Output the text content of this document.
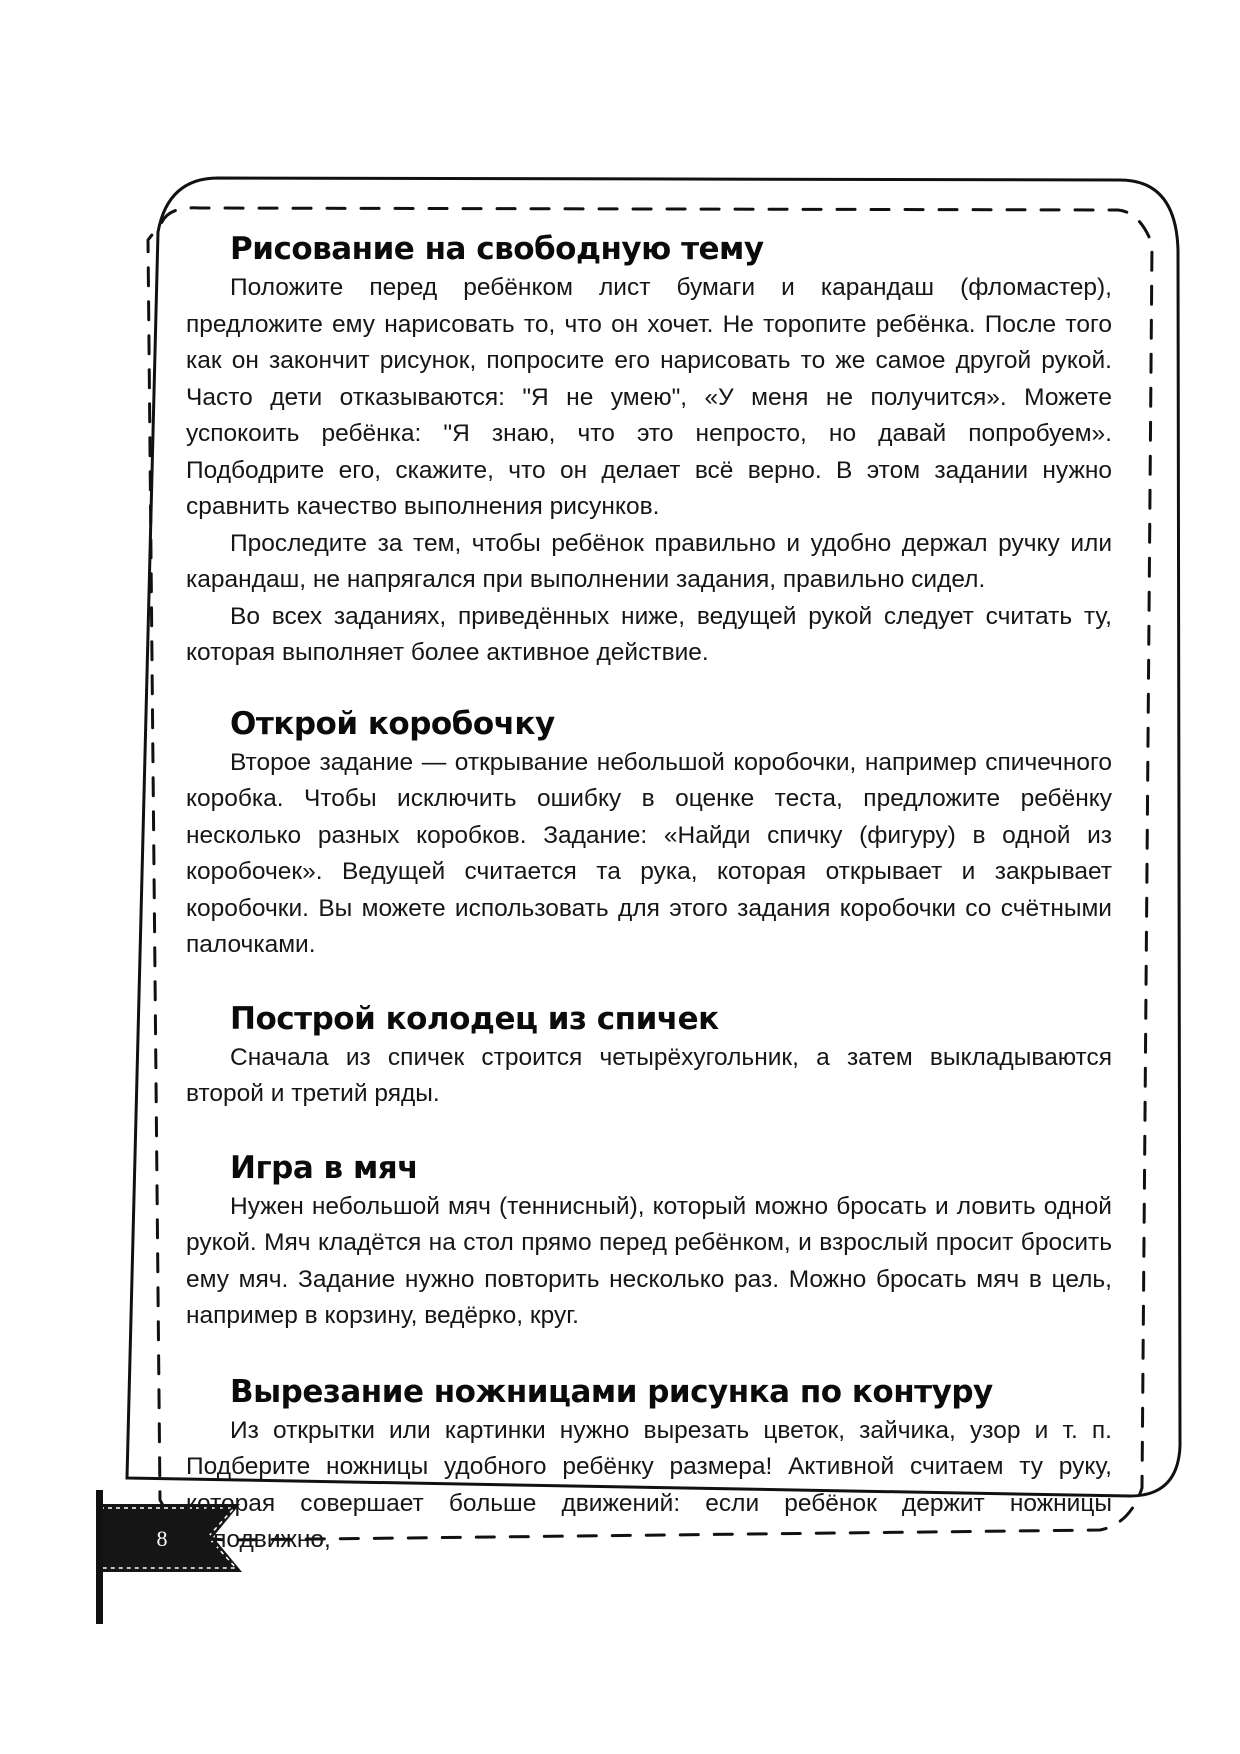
8
Рисование на свободную тему

Положите перед ребёнком лист бумаги и карандаш (фломастер), предложите ему нарисовать то, что он хочет. Не торопите ребёнка. После того как он закончит рисунок, попросите его нарисовать то же самое другой рукой. Часто дети отказываются: "Я не умею", «У меня не получится». Можете успокоить ребёнка: "Я знаю, что это непросто, но давай попробуем». Подбодрите его, скажите, что он делает всё верно. В этом задании нужно сравнить качество выполнения рисунков.

Проследите за тем, чтобы ребёнок правильно и удобно держал ручку или карандаш, не напрягался при выполнении задания, правильно сидел.

Во всех заданиях, приведённых ниже, ведущей рукой следует считать ту, которая выполняет более активное действие.

Открой коробочку

Второе задание — открывание небольшой коробочки, например спичечного коробка. Чтобы исключить ошибку в оценке теста, предложите ребёнку несколько разных коробков. Задание: «Найди спичку (фигуру) в одной из коробочек». Ведущей считается та рука, которая открывает и закрывает коробочки. Вы можете использовать для этого задания коробочки со счётными палочками.

Построй колодец из спичек

Сначала из спичек строится четырёхугольник, а затем выкладываются второй и третий ряды.

Игра в мяч

Нужен небольшой мяч (теннисный), который можно бросать и ловить одной рукой. Мяч кладётся на стол прямо перед ребёнком, и взрослый просит бросить ему мяч. Задание нужно повторить несколько раз. Можно бросать мяч в цель, например в корзину, ведёрко, круг.

Вырезание ножницами рисунка по контуру

Из открытки или картинки нужно вырезать цветок, зайчика, узор и т. п. Подберите ножницы удобного ребёнку размера! Активной считаем ту руку, которая совершает больше движений: если ребёнок держит ножницы неподвижно,
